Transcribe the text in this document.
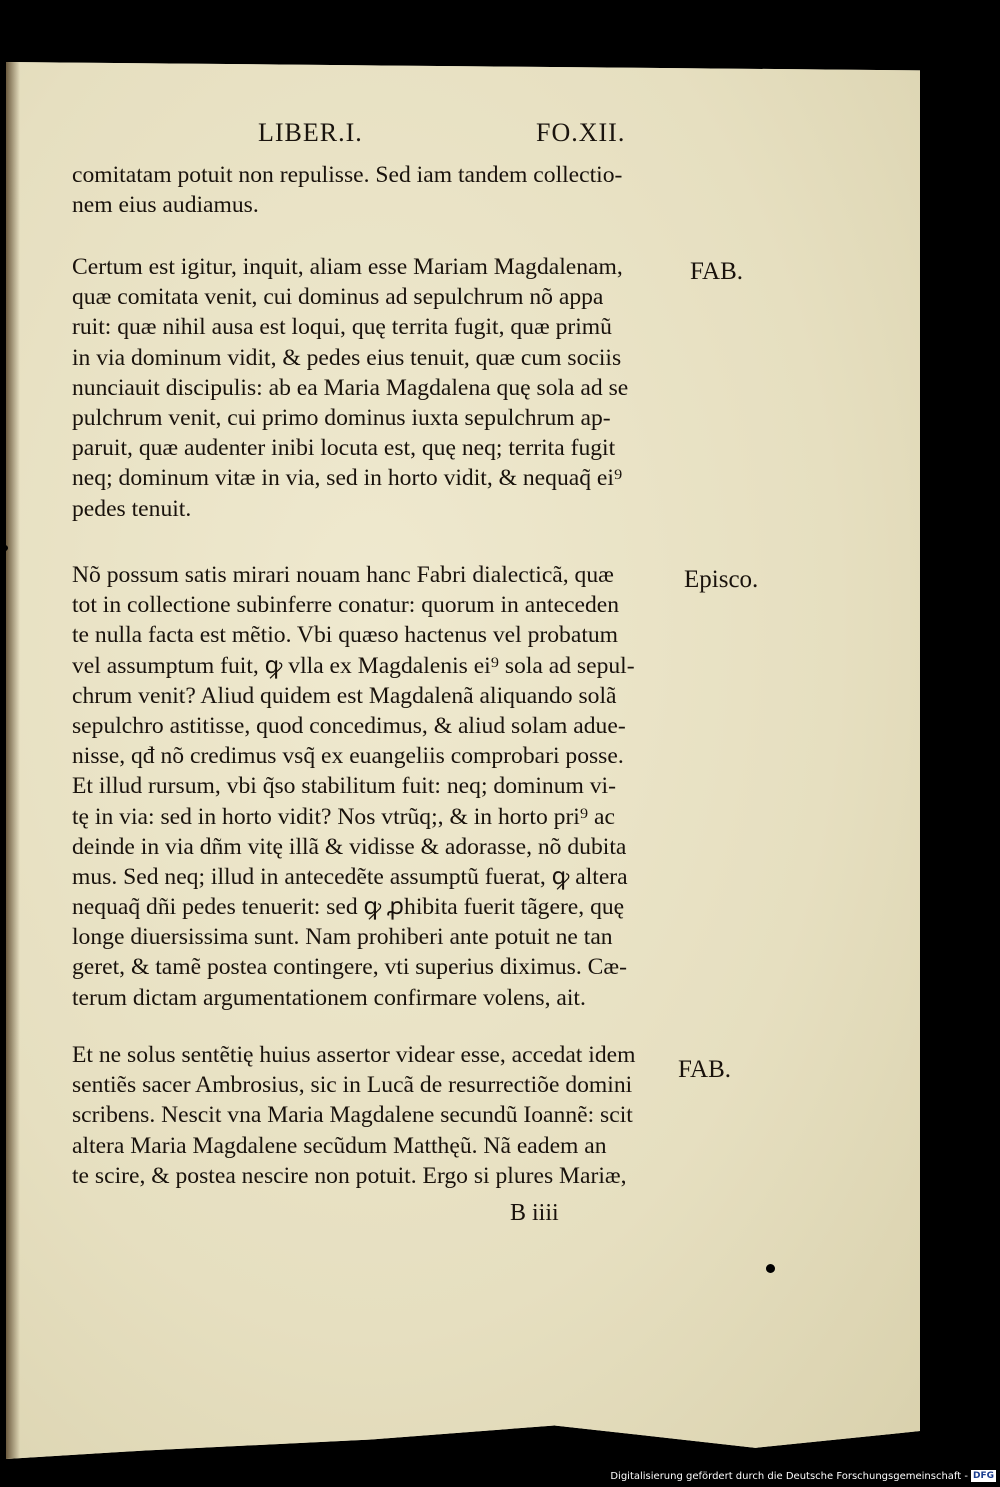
LIBER.I.	FO.XII.
comitatam potuit non repulisse. Sed iam tandem collectio-
nem eius audiamus.
Certum est igitur, inquit, aliam esse Mariam Magdalenam,
quæ comitata venit, cui dominus ad sepulchrum nõ appa
ruit: quæ nihil ausa est loqui, quę territa fugit, quæ primũ
in via dominum vidit, & pedes eius tenuit, quæ cum sociis
nunciauit discipulis: ab ea Maria Magdalena quę sola ad se
pulchrum venit, cui primo dominus iuxta sepulchrum ap-
paruit, quæ audenter inibi locuta est, quę neq; territa fugit
neq; dominum vitæ in via, sed in horto vidit, & nequaq̃ ei⁹
pedes tenuit.
FAB.
Nõ possum satis mirari nouam hanc Fabri dialecticã, quæ
tot in collectione subinferre conatur: quorum in anteceden
te nulla facta est mẽtio. Vbi quæso hactenus vel probatum
vel assumptum fuit, ꝙ vlla ex Magdalenis ei⁹ sola ad sepul-
chrum venit? Aliud quidem est Magdalenã aliquando solã
sepulchro astitisse, quod concedimus, & aliud solam adue-
nisse, qđ nõ credimus vsq̃ ex euangeliis comprobari posse.
Et illud rursum, vbi q̃so stabilitum fuit: neq; dominum vi-
tę in via: sed in horto vidit? Nos vtrũq;, & in horto pri⁹ ac
deinde in via dñm vitę illã & vidisse & adorasse, nõ dubita
mus. Sed neq; illud in antecedẽte assumptũ fuerat, ꝙ altera
nequaq̃ dñi pedes tenuerit: sed ꝙ ꝓhibita fuerit tãgere, quę
longe diuersissima sunt. Nam prohiberi ante potuit ne tan
geret, & tamẽ postea contingere, vti superius diximus. Cæ-
terum dictam argumentationem confirmare volens, ait.
Episco.
Et ne solus sentẽtię huius assertor videar esse, accedat idem
sentiẽs sacer Ambrosius, sic in Lucã de resurrectiõe domini
scribens. Nescit vna Maria Magdalene secundũ Ioannẽ: scit
altera Maria Magdalene secũdum Matthęũ. Nã eadem an
te scire, & postea nescire non potuit. Ergo si plures Mariæ,
FAB.
B iiii
Digitalisierung gefördert durch die Deutsche Forschungsgemeinschaft - DFG
